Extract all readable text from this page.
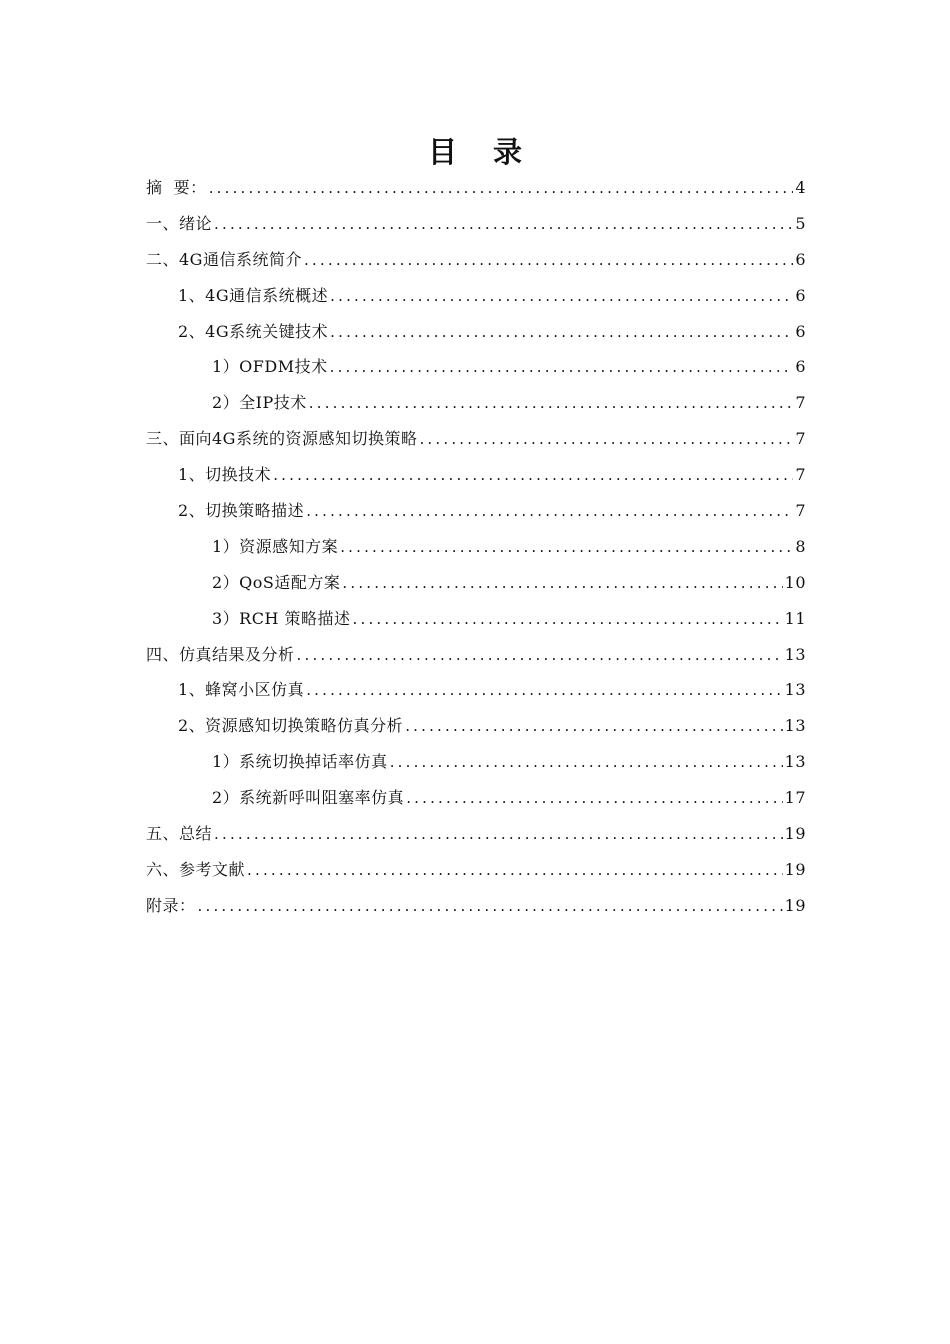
目录
摘  要： .....	4
一、绪论 .....	5
二、4G通信系统简介 .....	6
1、4G通信系统概述 .....	6
2、4G系统关键技术 .....	6
1）OFDM技术 .....	6
2）全IP技术 .....	7
三、面向4G系统的资源感知切换策略 .....	7
1、切换技术 .....	7
2、切换策略描述 .....	7
1）资源感知方案 .....	8
2）QoS适配方案 .....	10
3）RCH 策略描述 .....	11
四、仿真结果及分析 .....	13
1、蜂窝小区仿真 .....	13
2、资源感知切换策略仿真分析 .....	13
1）系统切换掉话率仿真 .....	13
2）系统新呼叫阻塞率仿真 .....	17
五、总结 .....	19
六、参考文献 .....	19
附录： .....	19
